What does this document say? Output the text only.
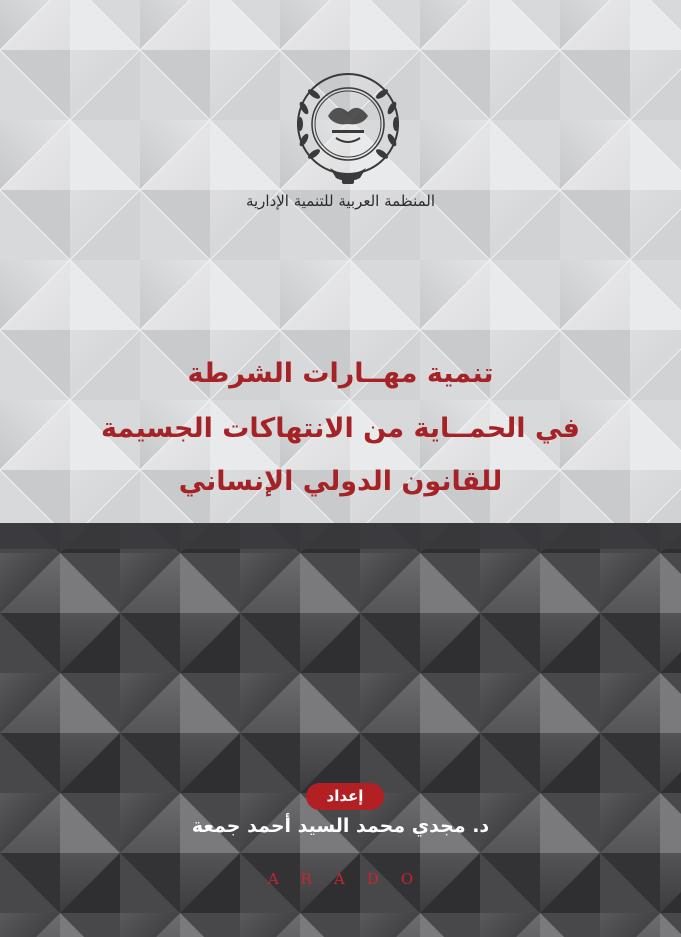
المنظمة العربية للتنمية الإدارية
تنمية مهــارات الشرطة
في الحمــاية من الانتهاكات الجسيمة
للقانون الدولي الإنساني
إعداد
د. مجدي محمد السيد أحمد جمعة
ARADO
